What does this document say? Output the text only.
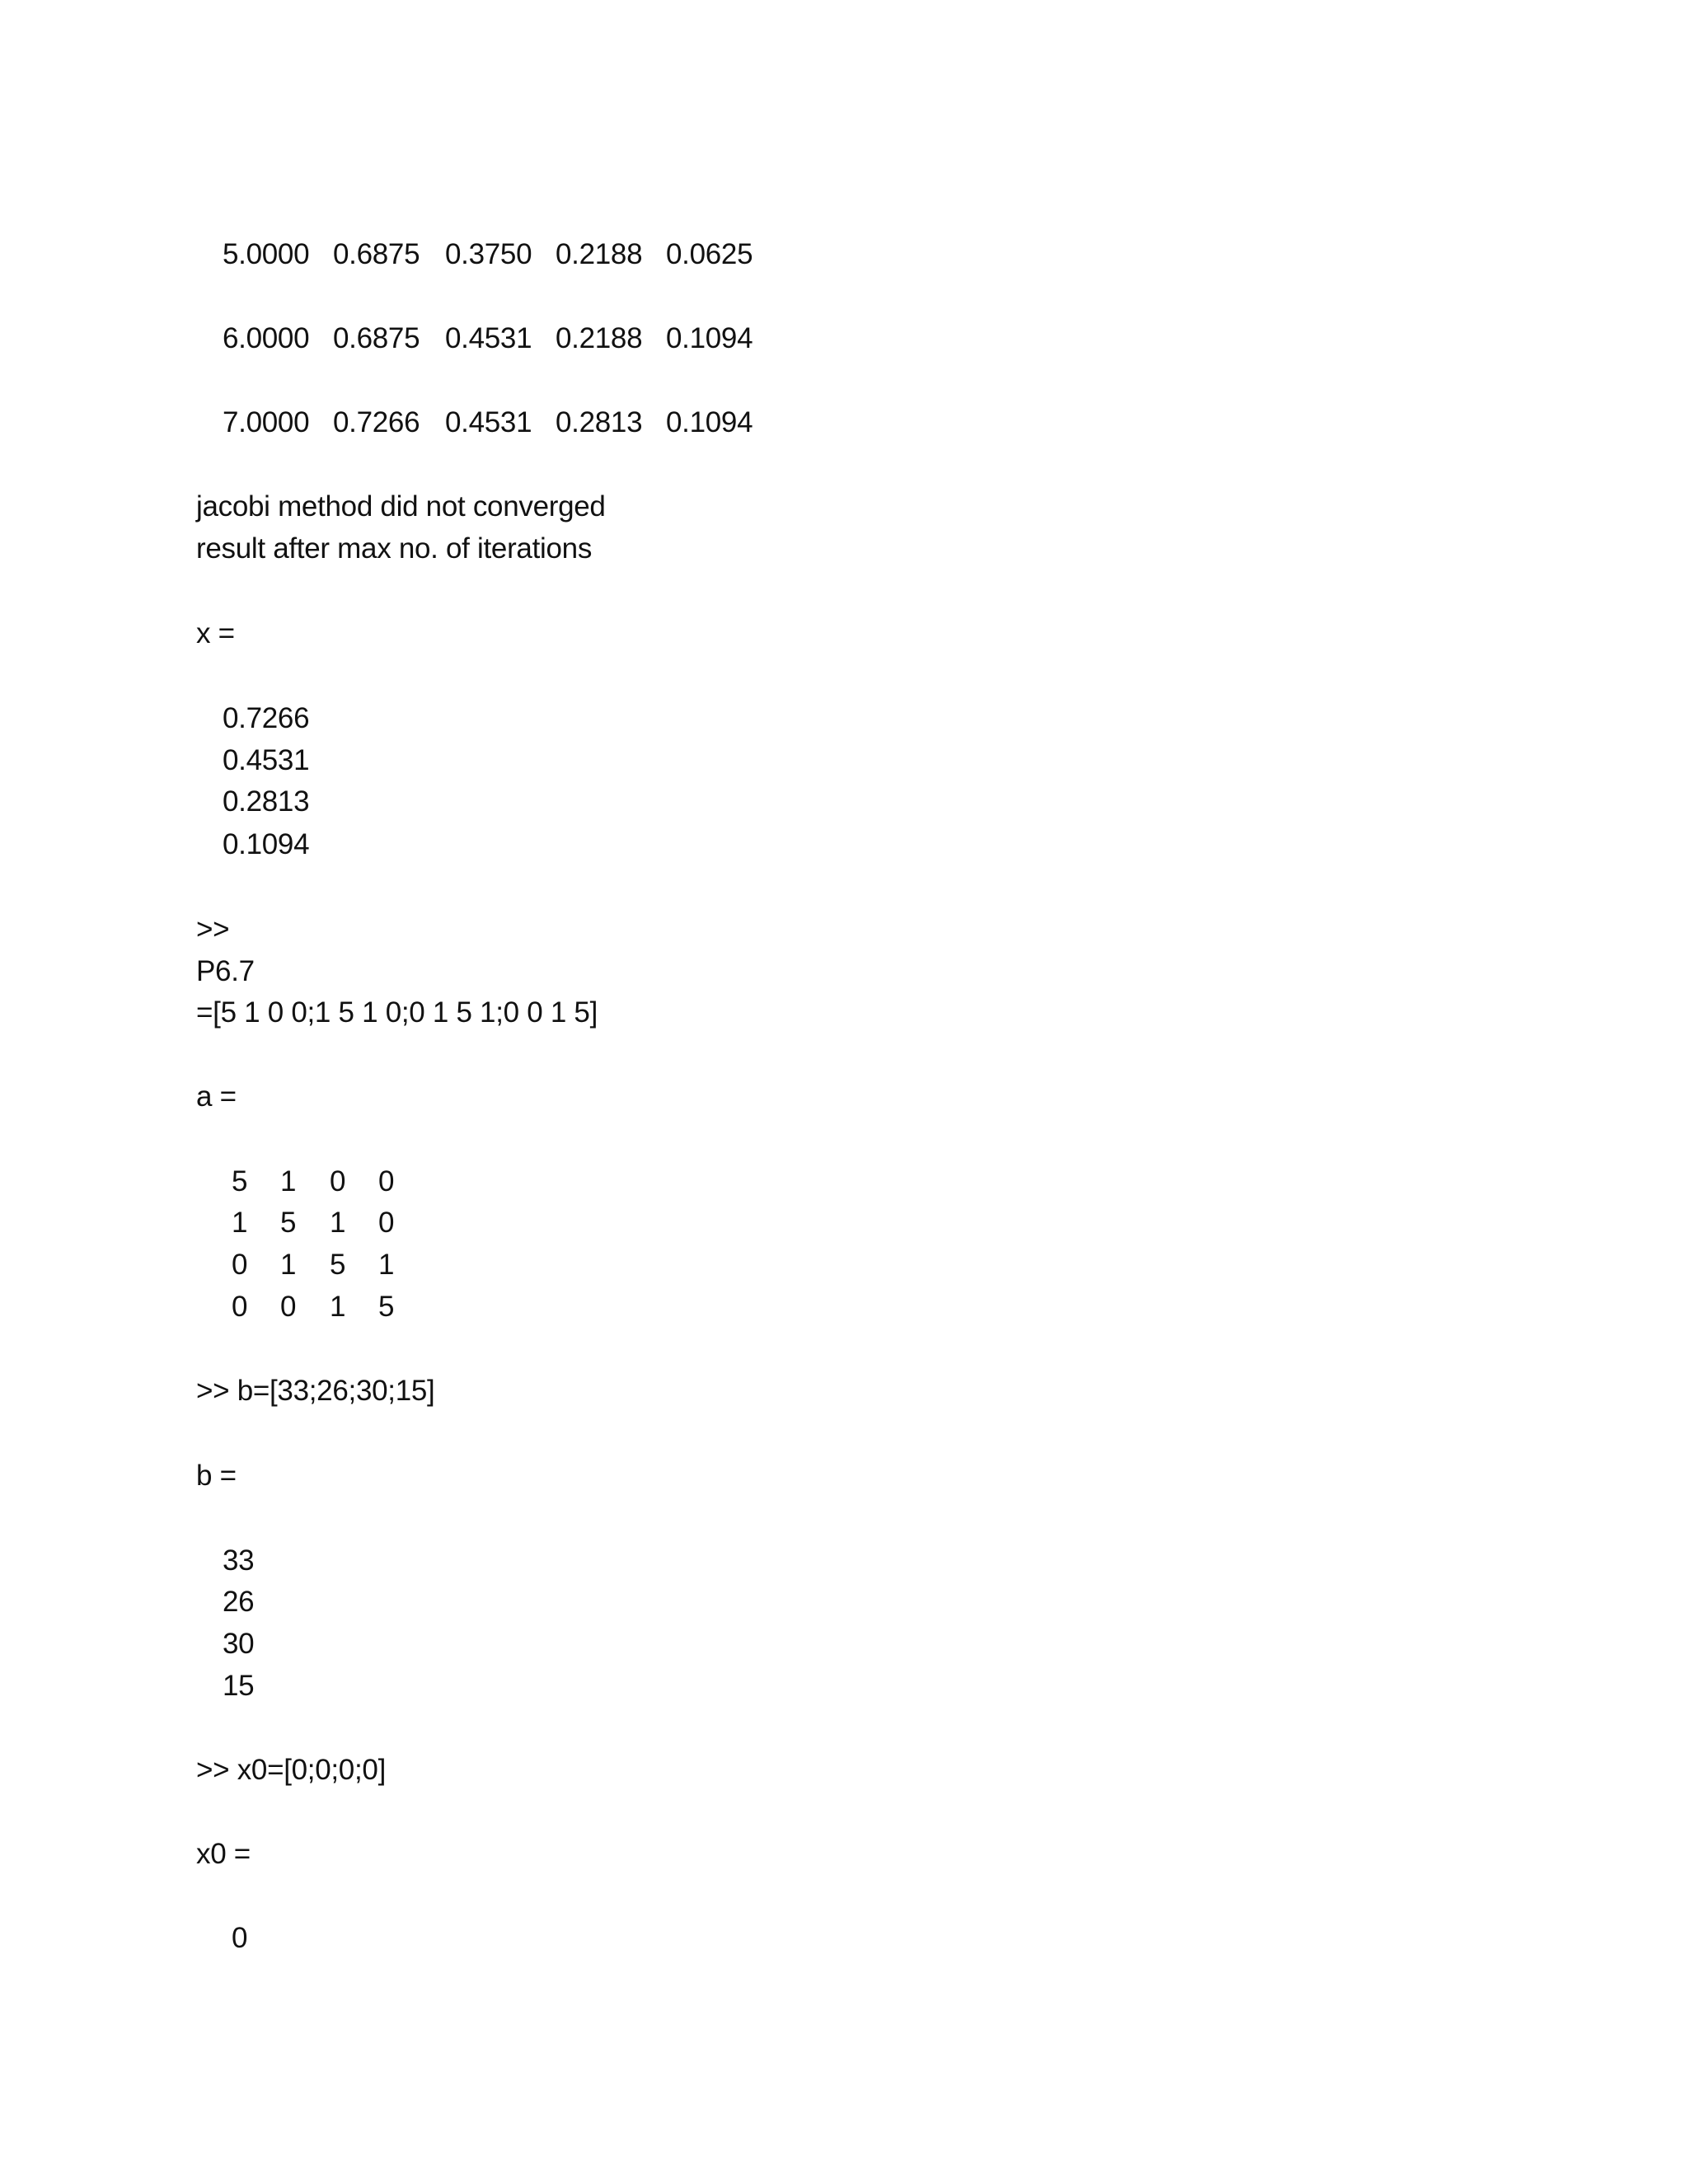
5.0000 0.6875 0.3750 0.2188 0.0625
6.0000 0.6875 0.4531 0.2188 0.1094
7.0000 0.7266 0.4531 0.2813 0.1094
jacobi method did not converged
result after max no. of iterations
x =
0.7266
0.4531
0.2813
0.1094
>>
P6.7
=[5 1 0 0;1 5 1 0;0 1 5 1;0 0 1 5]
a =
5 1 0 0
1 5 1 0
0 1 5 1
0 0 1 5
>> b=[33;26;30;15]
b =
33
26
30
15
>> x0=[0;0;0;0]
x0 =
0
